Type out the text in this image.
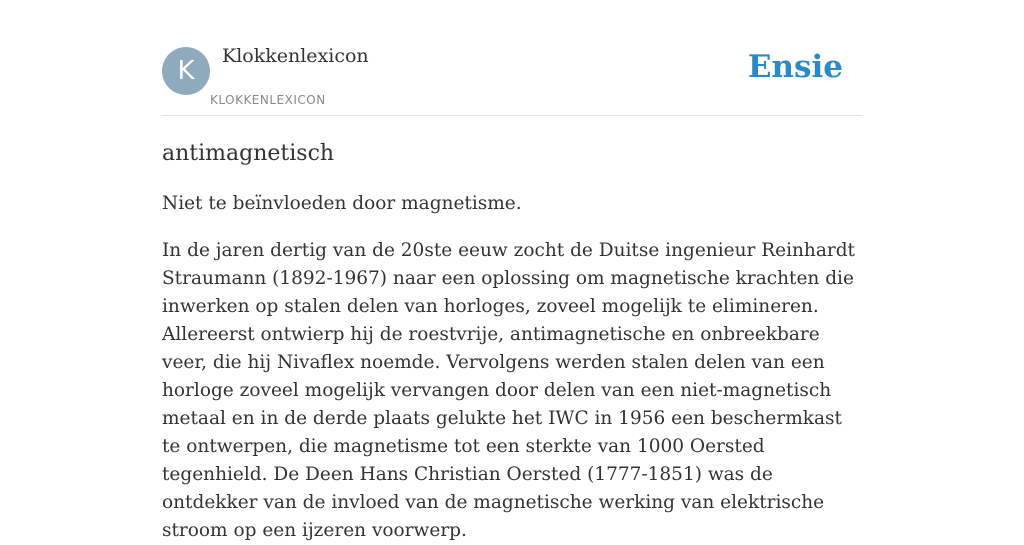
K	Klokkenlexicon
KLOKKENLEXICON
Ensie
antimagnetisch

Niet te beïnvloeden door magnetisme.

In de jaren dertig van de 20ste eeuw zocht de Duitse ingenieur Reinhardt Straumann (1892-1967) naar een oplossing om magnetische krachten die inwerken op stalen delen van horloges, zoveel mogelijk te elimineren. Allereerst ontwierp hij de roestvrije, antimagnetische en onbreekbare veer, die hij Nivaflex noemde. Vervolgens werden stalen delen van een horloge zoveel mogelijk vervangen door delen van een niet-magnetisch metaal en in de derde plaats gelukte het IWC in 1956 een beschermkast te ontwerpen, die magnetisme tot een sterkte van 1000 Oersted tegenhield. De Deen Hans Christian Oersted (1777-1851) was de ontdekker van de invloed van de magnetische werking van elektrische stroom op een ijzeren voorwerp.
